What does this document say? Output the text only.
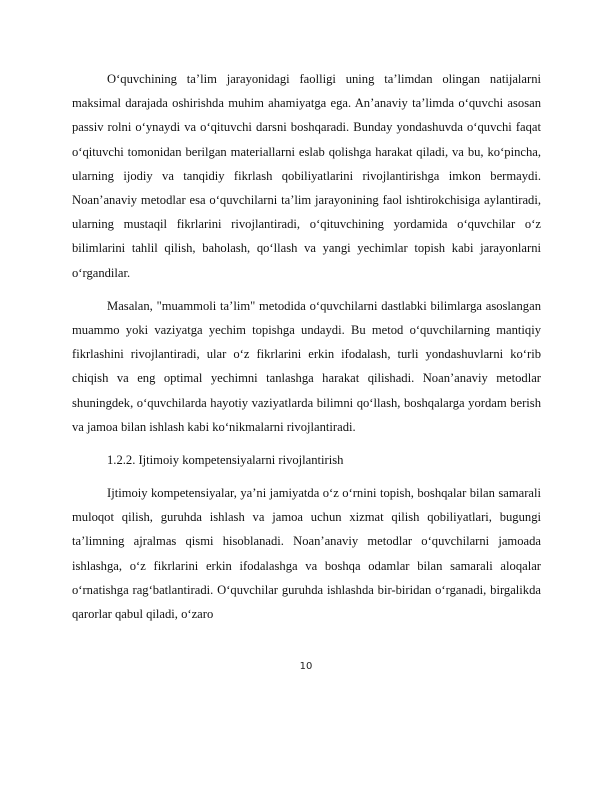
O‘quvchining ta’lim jarayonidagi faolligi uning ta’limdan olingan natijalarni maksimal darajada oshirishda muhim ahamiyatga ega. An’anaviy ta’limda o‘quvchi asosan passiv rolni o‘ynaydi va o‘qituvchi darsni boshqaradi. Bunday yondashuvda o‘quvchi faqat o‘qituvchi tomonidan berilgan materiallarni eslab qolishga harakat qiladi, va bu, ko‘pincha, ularning ijodiy va tanqidiy fikrlash qobiliyatlarini rivojlantirishga imkon bermaydi. Noan’anaviy metodlar esa o‘quvchilarni ta’lim jarayonining faol ishtirokchisiga aylantiradi, ularning mustaqil fikrlarini rivojlantiradi, o‘qituvchining yordamida o‘quvchilar o‘z bilimlarini tahlil qilish, baholash, qo‘llash va yangi yechimlar topish kabi jarayonlarni o‘rgandilar.

Masalan, "muammoli ta’lim" metodida o‘quvchilarni dastlabki bilimlarga asoslangan muammo yoki vaziyatga yechim topishga undaydi. Bu metod o‘quvchilarning mantiqiy fikrlashini rivojlantiradi, ular o‘z fikrlarini erkin ifodalash, turli yondashuvlarni ko‘rib chiqish va eng optimal yechimni tanlashga harakat qilishadi. Noan’anaviy metodlar shuningdek, o‘quvchilarda hayotiy vaziyatlarda bilimni qo‘llash, boshqalarga yordam berish va jamoa bilan ishlash kabi ko‘nikmalarni rivojlantiradi.

1.2.2. Ijtimoiy kompetensiyalarni rivojlantirish

Ijtimoiy kompetensiyalar, ya’ni jamiyatda o‘z o‘rnini topish, boshqalar bilan samarali muloqot qilish, guruhda ishlash va jamoa uchun xizmat qilish qobiliyatlari, bugungi ta’limning ajralmas qismi hisoblanadi. Noan’anaviy metodlar o‘quvchilarni jamoada ishlashga, o‘z fikrlarini erkin ifodalashga va boshqa odamlar bilan samarali aloqalar o‘rnatishga rag‘batlantiradi. O‘quvchilar guruhda ishlashda bir-biridan o‘rganadi, birgalikda qarorlar qabul qiladi, o‘zaro

10
